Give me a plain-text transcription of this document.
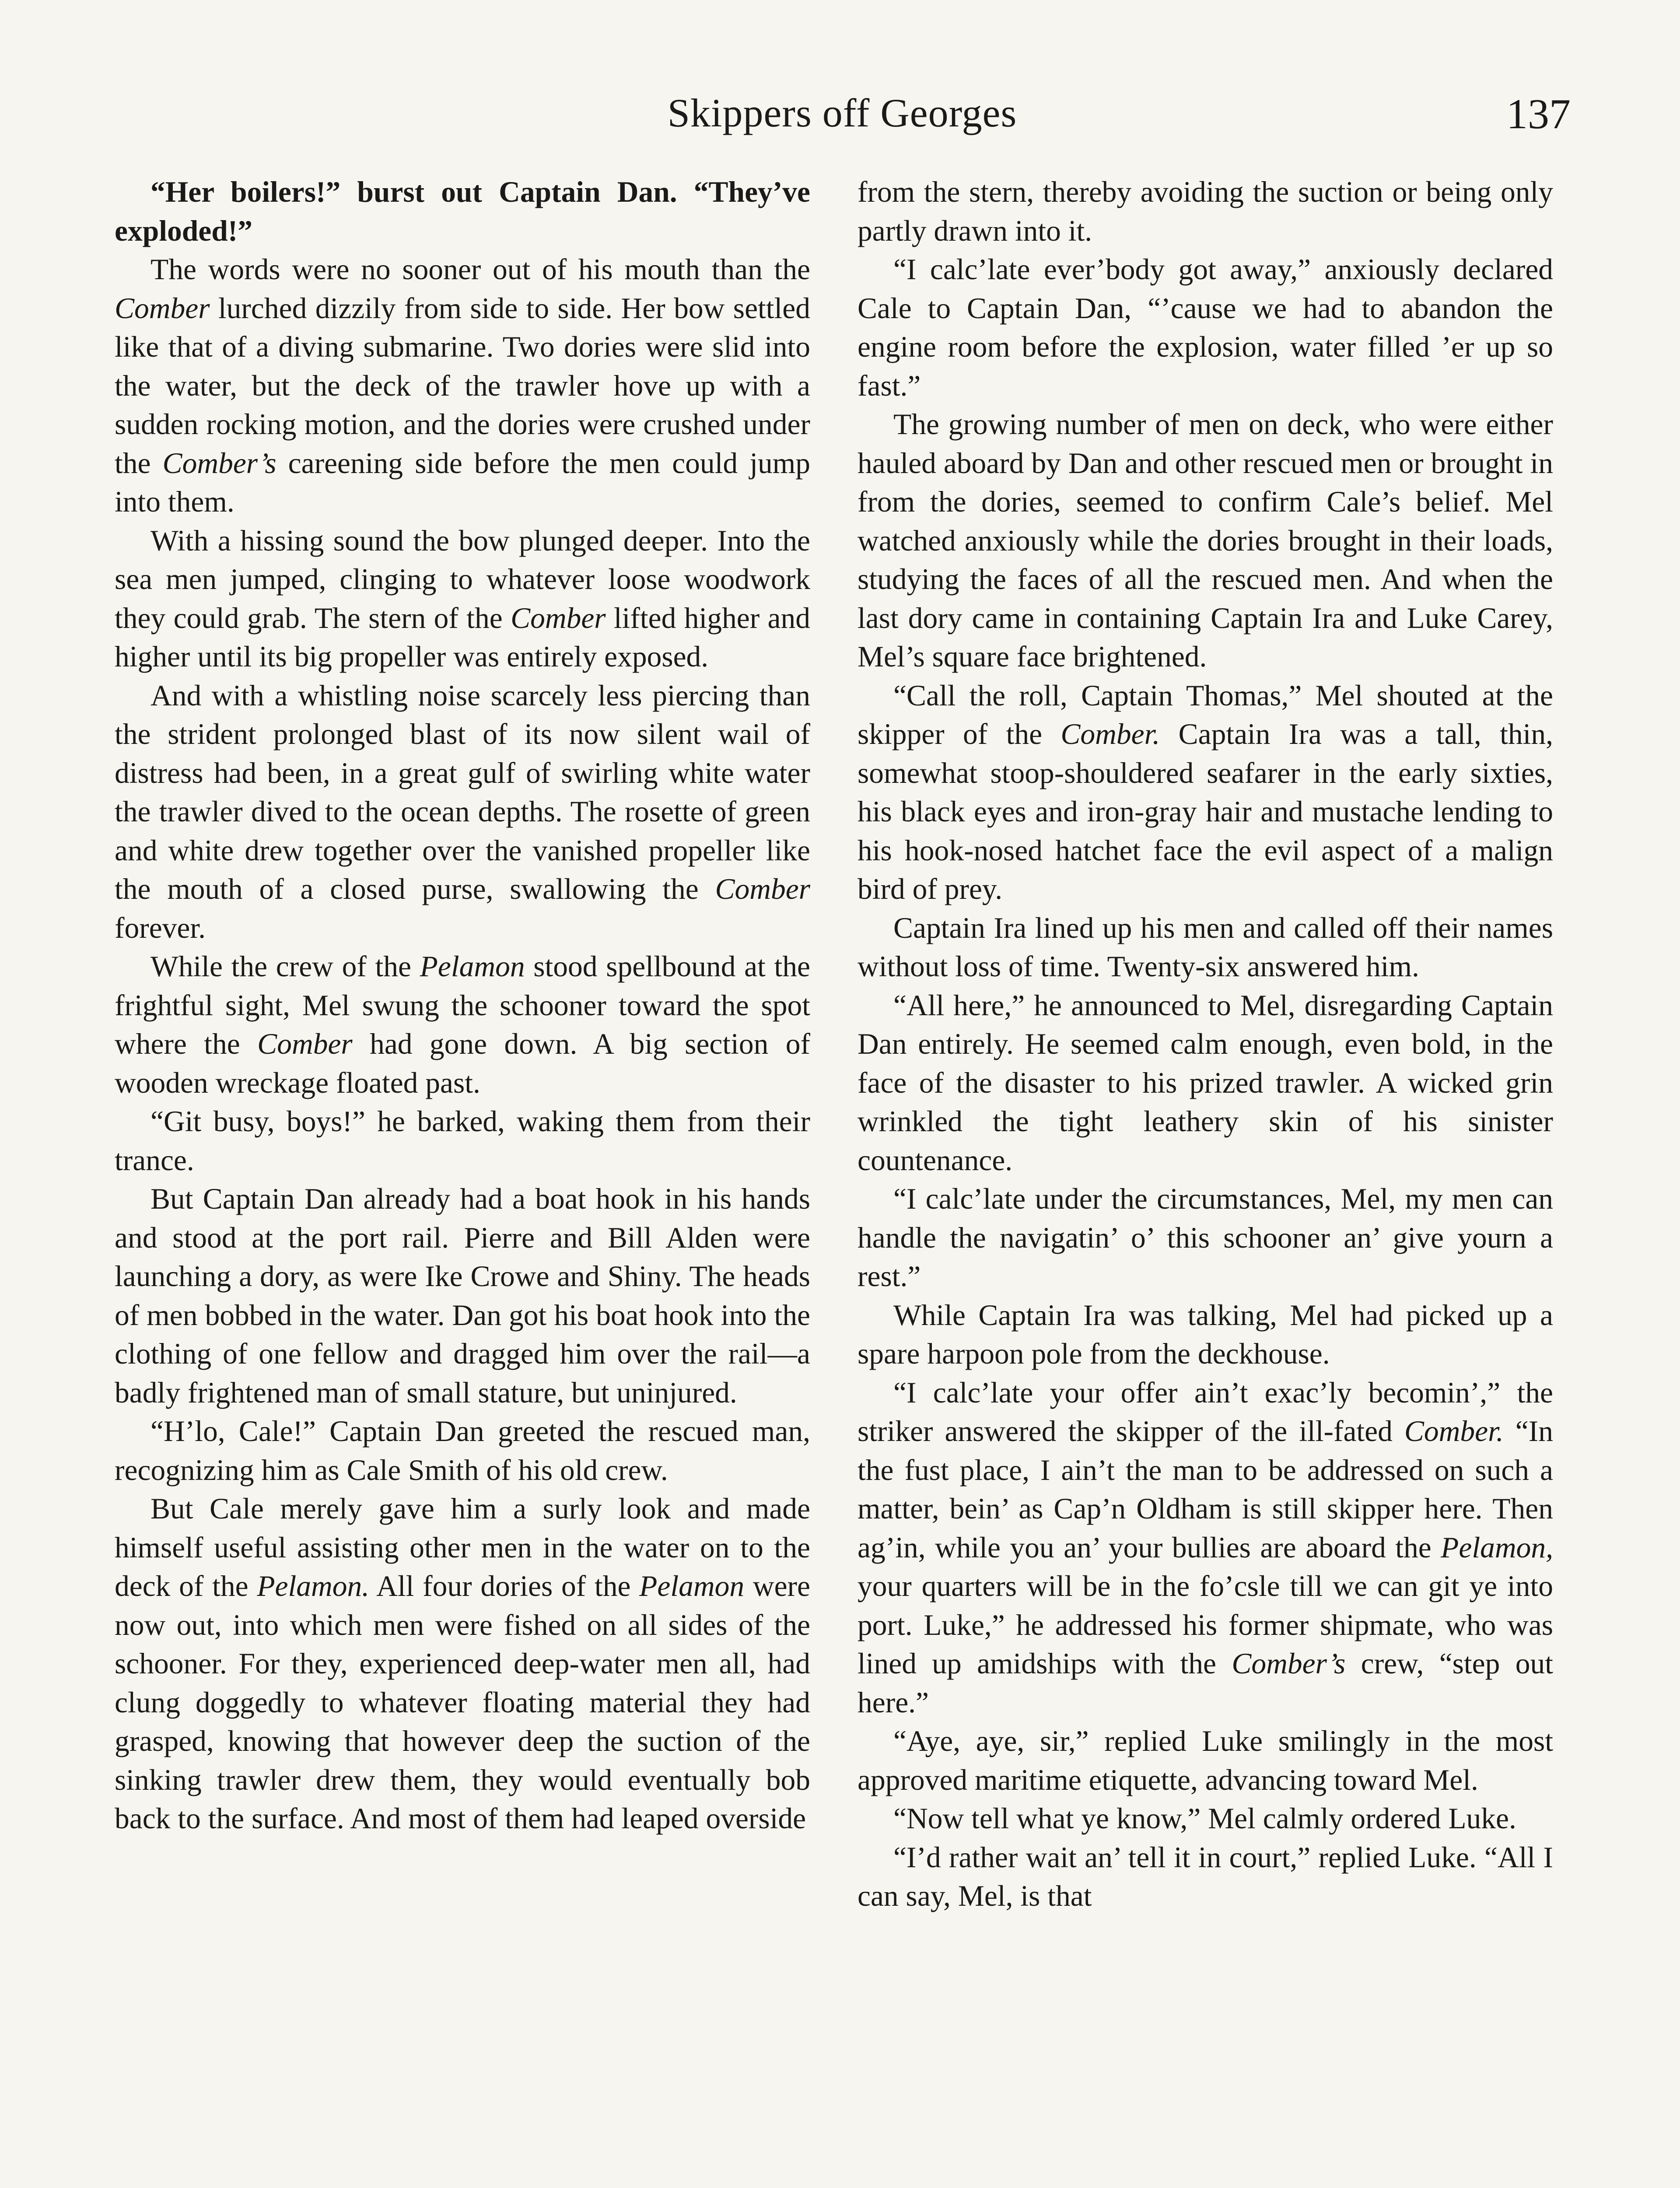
Skippers off Georges	137

“Her boilers!” burst out Captain Dan. “They’ve exploded!”

The words were no sooner out of his mouth than the Comber lurched dizzily from side to side. Her bow settled like that of a diving submarine. Two dories were slid into the water, but the deck of the trawler hove up with a sudden rocking motion, and the dories were crushed under the Comber’s careening side before the men could jump into them.

With a hissing sound the bow plunged deeper. Into the sea men jumped, clinging to whatever loose woodwork they could grab. The stern of the Comber lifted higher and higher until its big propeller was entirely exposed.

And with a whistling noise scarcely less piercing than the strident prolonged blast of its now silent wail of distress had been, in a great gulf of swirling white water the trawler dived to the ocean depths. The rosette of green and white drew together over the vanished propeller like the mouth of a closed purse, swallowing the Comber forever.

While the crew of the Pelamon stood spellbound at the frightful sight, Mel swung the schooner toward the spot where the Comber had gone down. A big section of wooden wreckage floated past.

“Git busy, boys!” he barked, waking them from their trance.

But Captain Dan already had a boat hook in his hands and stood at the port rail. Pierre and Bill Alden were launching a dory, as were Ike Crowe and Shiny. The heads of men bobbed in the water. Dan got his boat hook into the clothing of one fellow and dragged him over the rail—a badly frightened man of small stature, but uninjured.

“H’lo, Cale!” Captain Dan greeted the rescued man, recognizing him as Cale Smith of his old crew.

But Cale merely gave him a surly look and made himself useful assisting other men in the water on to the deck of the Pelamon. All four dories of the Pelamon were now out, into which men were fished on all sides of the schooner. For they, experienced deep-water men all, had clung doggedly to whatever floating material they had grasped, knowing that however deep the suction of the sinking trawler drew them, they would eventually bob back to the surface. And most of them had leaped overside

from the stern, thereby avoiding the suction or being only partly drawn into it.

“I calc’late ever’body got away,” anxiously declared Cale to Captain Dan, “’cause we had to abandon the engine room before the explosion, water filled ’er up so fast.”

The growing number of men on deck, who were either hauled aboard by Dan and other rescued men or brought in from the dories, seemed to confirm Cale’s belief. Mel watched anxiously while the dories brought in their loads, studying the faces of all the rescued men. And when the last dory came in containing Captain Ira and Luke Carey, Mel’s square face brightened.

“Call the roll, Captain Thomas,” Mel shouted at the skipper of the Comber. Captain Ira was a tall, thin, somewhat stoop-shouldered seafarer in the early sixties, his black eyes and iron-gray hair and mustache lending to his hook-nosed hatchet face the evil aspect of a malign bird of prey.

Captain Ira lined up his men and called off their names without loss of time. Twenty-six answered him.

“All here,” he announced to Mel, disregarding Captain Dan entirely. He seemed calm enough, even bold, in the face of the disaster to his prized trawler. A wicked grin wrinkled the tight leathery skin of his sinister countenance.

“I calc’late under the circumstances, Mel, my men can handle the navigatin’ o’ this schooner an’ give yourn a rest.”

While Captain Ira was talking, Mel had picked up a spare harpoon pole from the deckhouse.

“I calc’late your offer ain’t exac’ly becomin’,” the striker answered the skipper of the ill-fated Comber. “In the fust place, I ain’t the man to be addressed on such a matter, bein’ as Cap’n Oldham is still skipper here. Then ag’in, while you an’ your bullies are aboard the Pelamon, your quarters will be in the fo’csle till we can git ye into port. Luke,” he addressed his former shipmate, who was lined up amidships with the Comber’s crew, “step out here.”

“Aye, aye, sir,” replied Luke smilingly in the most approved maritime etiquette, advancing toward Mel.

“Now tell what ye know,” Mel calmly ordered Luke.

“I’d rather wait an’ tell it in court,” replied Luke. “All I can say, Mel, is that
